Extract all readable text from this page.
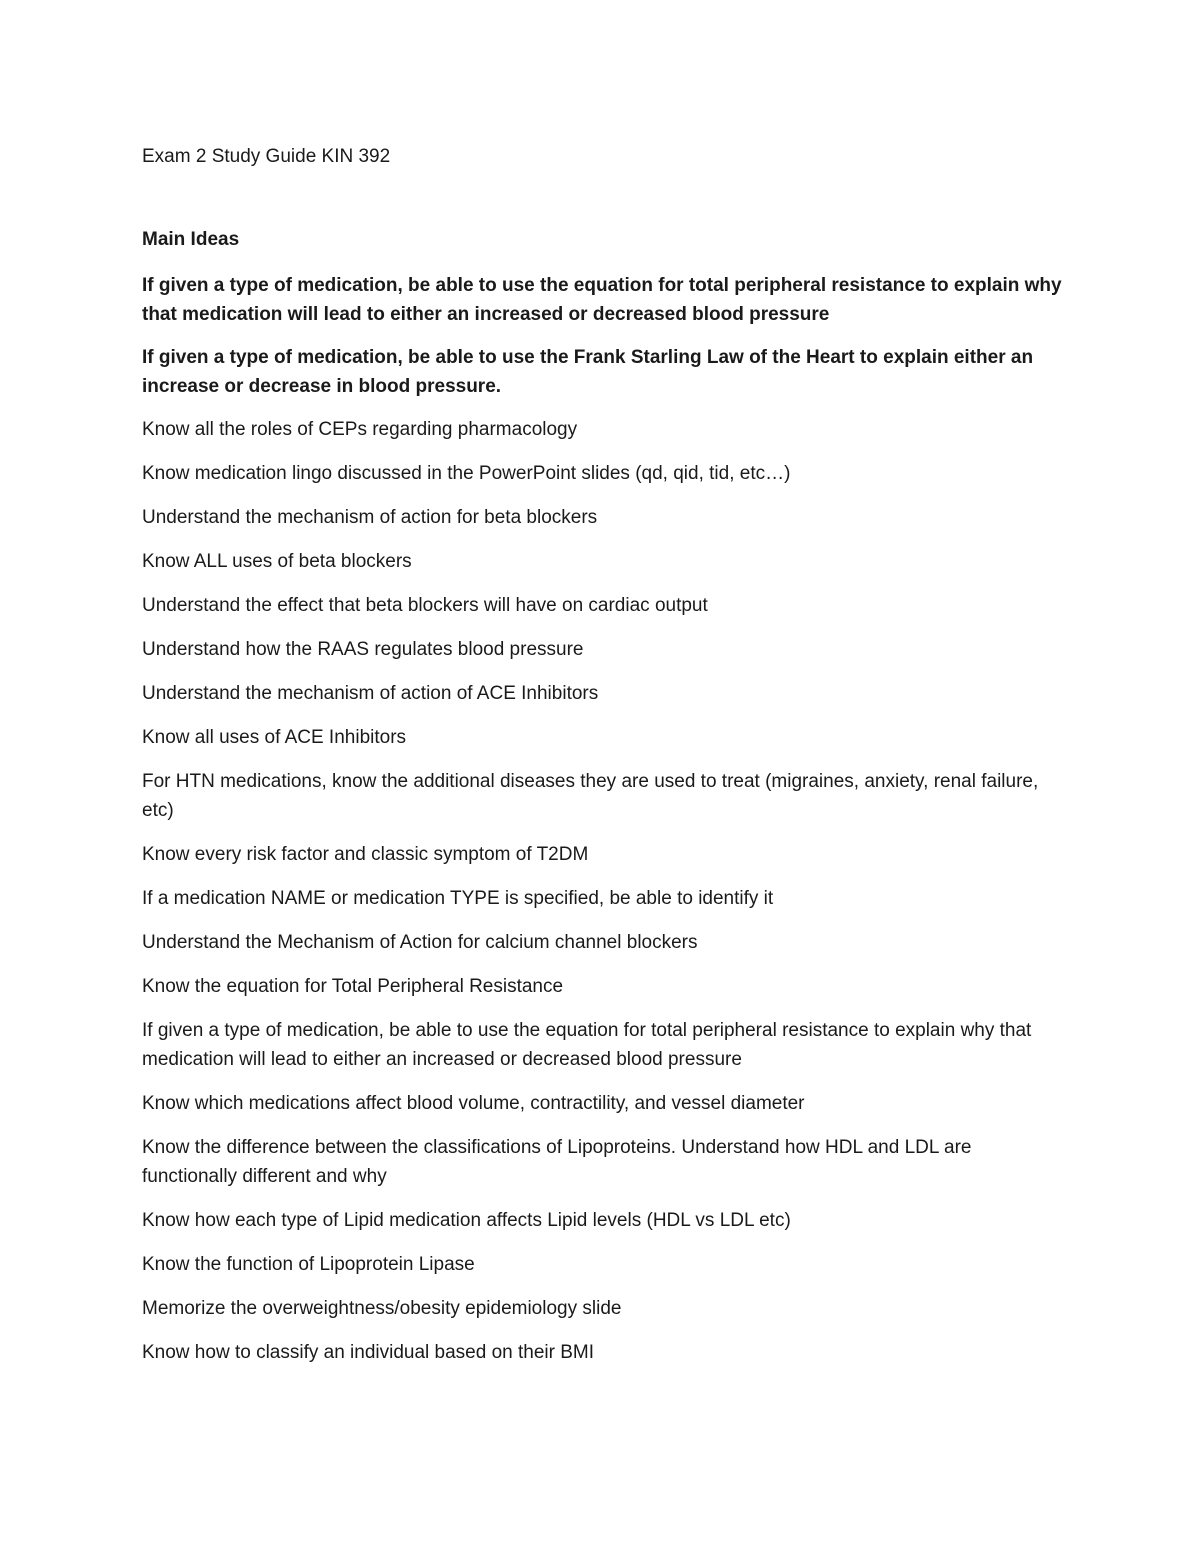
Exam 2 Study Guide KIN 392

Main Ideas

If given a type of medication, be able to use the equation for total peripheral resistance to explain why that medication will lead to either an increased or decreased blood pressure

If given a type of medication, be able to use the Frank Starling Law of the Heart to explain either an increase or decrease in blood pressure.

Know all the roles of CEPs regarding pharmacology

Know medication lingo discussed in the PowerPoint slides (qd, qid, tid, etc…)

Understand the mechanism of action for beta blockers

Know ALL uses of beta blockers

Understand the effect that beta blockers will have on cardiac output

Understand how the RAAS regulates blood pressure

Understand the mechanism of action of ACE Inhibitors

Know all uses of ACE Inhibitors

For HTN medications, know the additional diseases they are used to treat (migraines, anxiety, renal failure, etc)

Know every risk factor and classic symptom of T2DM

If a medication NAME or medication TYPE is specified, be able to identify it

Understand the Mechanism of Action for calcium channel blockers

Know the equation for Total Peripheral Resistance

If given a type of medication, be able to use the equation for total peripheral resistance to explain why that medication will lead to either an increased or decreased blood pressure

Know which medications affect blood volume, contractility, and vessel diameter

Know the difference between the classifications of Lipoproteins. Understand how HDL and LDL are functionally different and why

Know how each type of Lipid medication affects Lipid levels (HDL vs LDL etc)

Know the function of Lipoprotein Lipase

Memorize the overweightness/obesity epidemiology slide

Know how to classify an individual based on their BMI
